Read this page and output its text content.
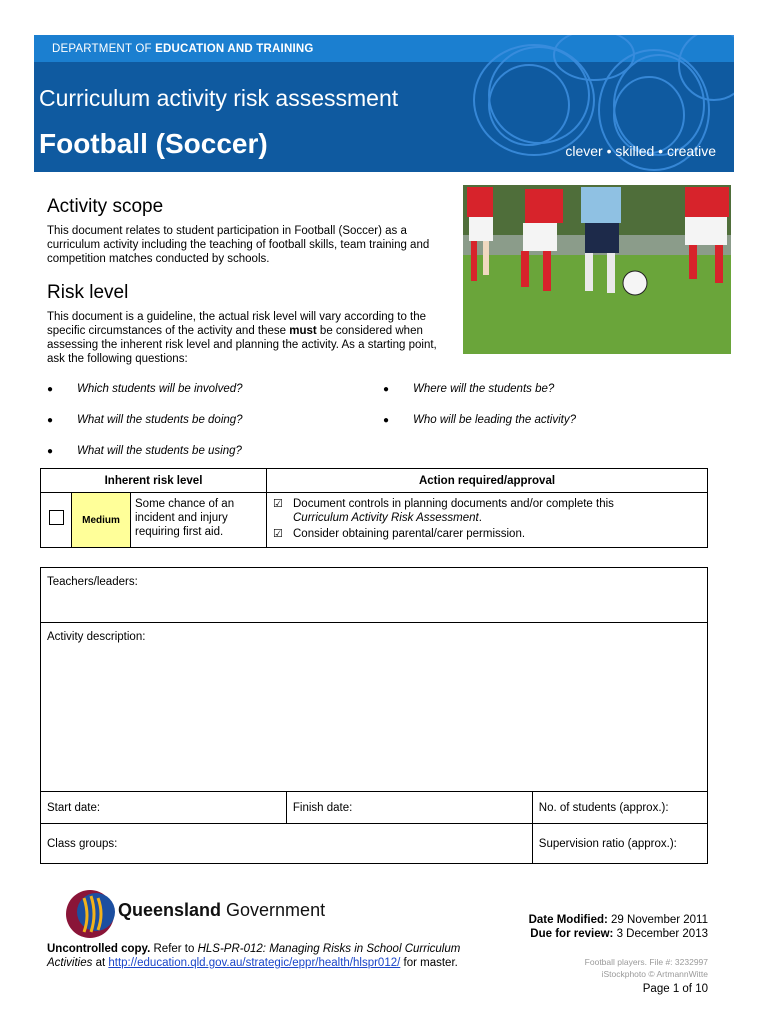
DEPARTMENT OF EDUCATION AND TRAINING
Curriculum activity risk assessment
Football (Soccer)	clever • skilled • creative
Activity scope
This document relates to student participation in Football (Soccer) as a curriculum activity including the teaching of football skills, team training and competition matches conducted by schools.
Risk level
This document is a guideline, the actual risk level will vary according to the specific circumstances of the activity and these must be considered when assessing the inherent risk level and planning the activity. As a starting point, ask the following questions:
● Which students will be involved?
● What will the students be doing?
● What will the students be using?
● Where will the students be?
● Who will be leading the activity?
Inherent risk level			Action required/approval

	Medium	Some chance of an incident and injury requiring first aid.	☑ Document controls in planning documents and/or complete this
Curriculum Activity Risk Assessment.
☑ Consider obtaining parental/carer permission.
Teachers/leaders:		
Activity description:		
Start date:	Finish date:	No. of students (approx.):
Class groups:		Supervision ratio (approx.):
Queensland Government	Date Modified: 29 November 2011
Due for review: 3 December 2013
Uncontrolled copy. Refer to HLS-PR-012: Managing Risks in School Curriculum Activities at http://education.qld.gov.au/strategic/eppr/health/hlspr012/ for master.	Football players. File #: 3232997
iStockphoto © ArtmannWitte
Page 1 of 10
